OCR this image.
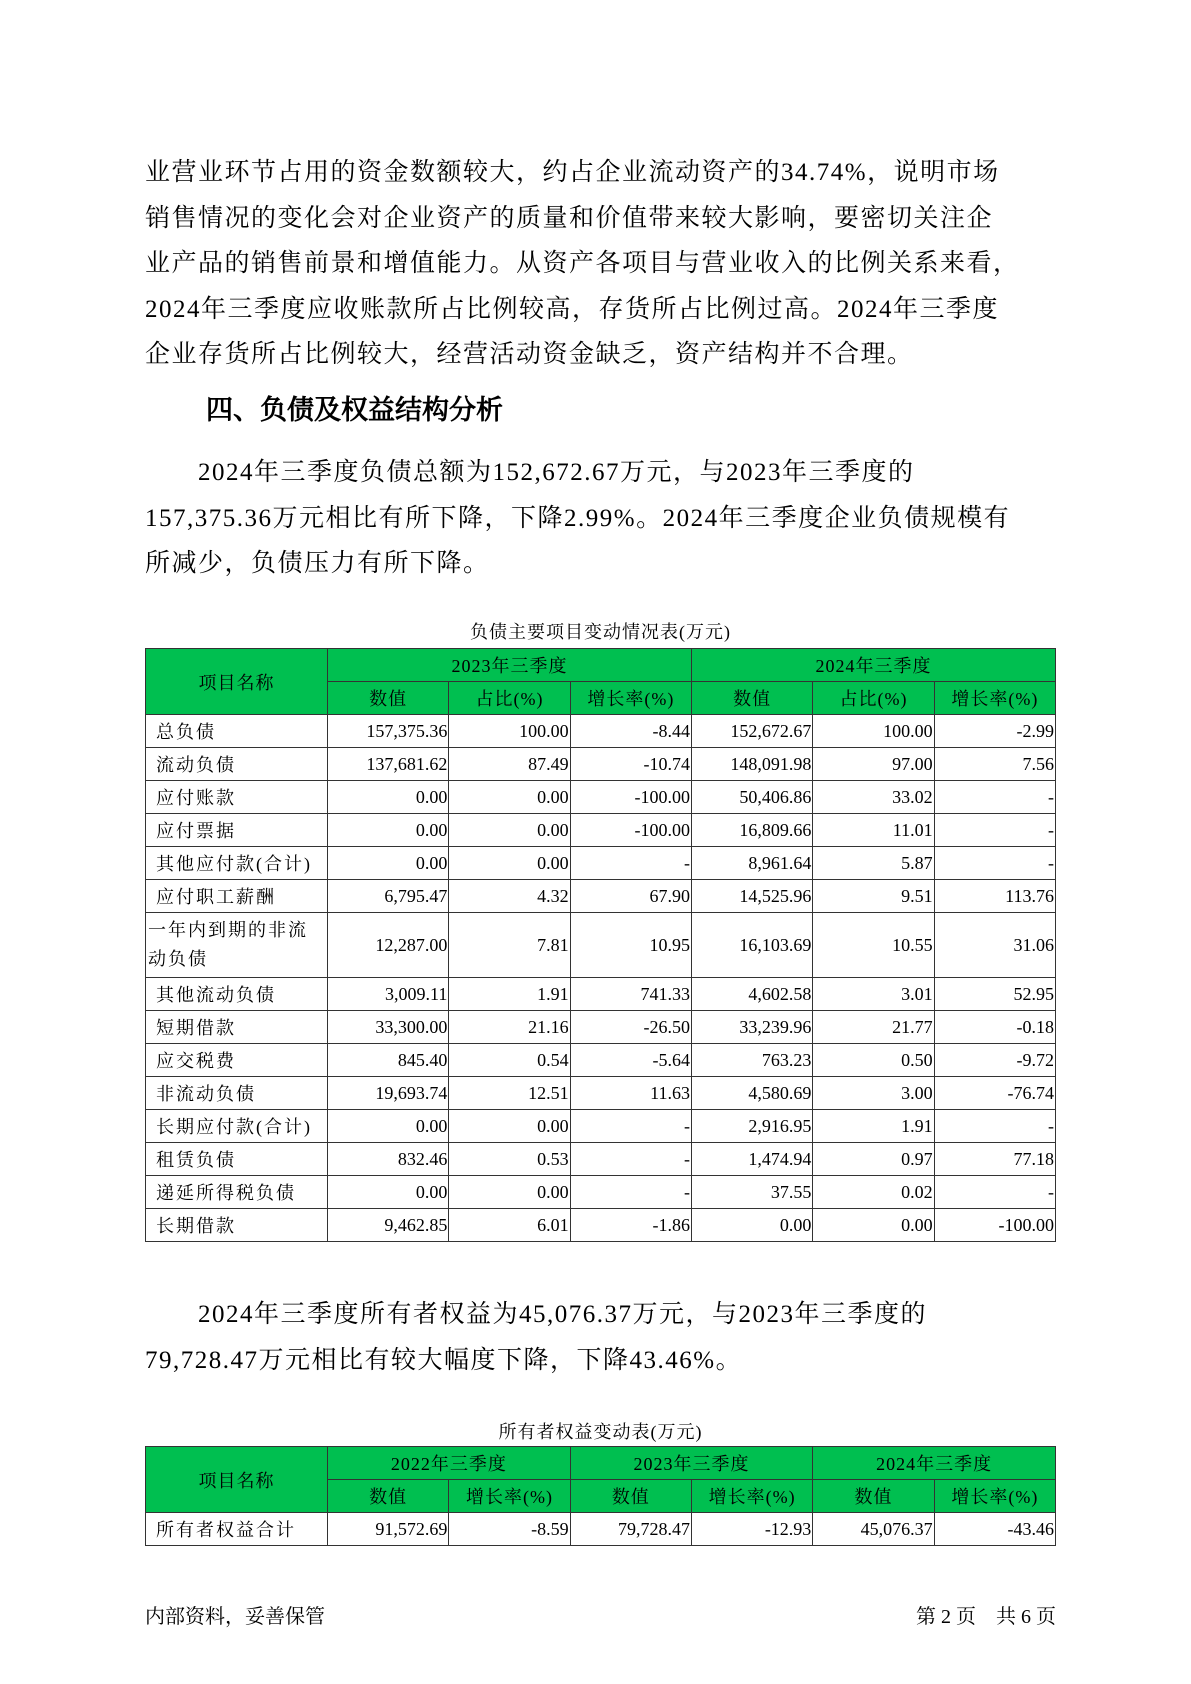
业营业环节占用的资金数额较大，约占企业流动资产的34.74%，说明市场
销售情况的变化会对企业资产的质量和价值带来较大影响，要密切关注企
业产品的销售前景和增值能力。从资产各项目与营业收入的比例关系来看，
2024年三季度应收账款所占比例较高，存货所占比例过高。2024年三季度
企业存货所占比例较大，经营活动资金缺乏，资产结构并不合理。
四、负债及权益结构分析
　　2024年三季度负债总额为152,672.67万元，与2023年三季度的
157,375.36万元相比有所下降，下降2.99%。2024年三季度企业负债规模有
所减少，负债压力有所下降。
负债主要项目变动情况表(万元)
项目名称	2023年三季度			2024年三季度		
	数值	占比(%)	增长率(%)	数值	占比(%)	增长率(%)
总负债	157,375.36	100.00	-8.44	152,672.67	100.00	-2.99
流动负债	137,681.62	87.49	-10.74	148,091.98	97.00	7.56
应付账款	0.00	0.00	-100.00	50,406.86	33.02	-
应付票据	0.00	0.00	-100.00	16,809.66	11.01	-
其他应付款(合计)	0.00	0.00	-	8,961.64	5.87	-
应付职工薪酬	6,795.47	4.32	67.90	14,525.96	9.51	113.76
一年内到期的非流动负债	12,287.00	7.81	10.95	16,103.69	10.55	31.06
其他流动负债	3,009.11	1.91	741.33	4,602.58	3.01	52.95
短期借款	33,300.00	21.16	-26.50	33,239.96	21.77	-0.18
应交税费	845.40	0.54	-5.64	763.23	0.50	-9.72
非流动负债	19,693.74	12.51	11.63	4,580.69	3.00	-76.74
长期应付款(合计)	0.00	0.00	-	2,916.95	1.91	-
租赁负债	832.46	0.53	-	1,474.94	0.97	77.18
递延所得税负债	0.00	0.00	-	37.55	0.02	-
长期借款	9,462.85	6.01	-1.86	0.00	0.00	-100.00
　　2024年三季度所有者权益为45,076.37万元，与2023年三季度的
79,728.47万元相比有较大幅度下降，下降43.46%。
所有者权益变动表(万元)
项目名称	2022年三季度		2023年三季度		2024年三季度	
	数值	增长率(%)	数值	增长率(%)	数值	增长率(%)
所有者权益合计	91,572.69	-8.59	79,728.47	-12.93	45,076.37	-43.46
内部资料，妥善保管	第 2 页　共 6 页
